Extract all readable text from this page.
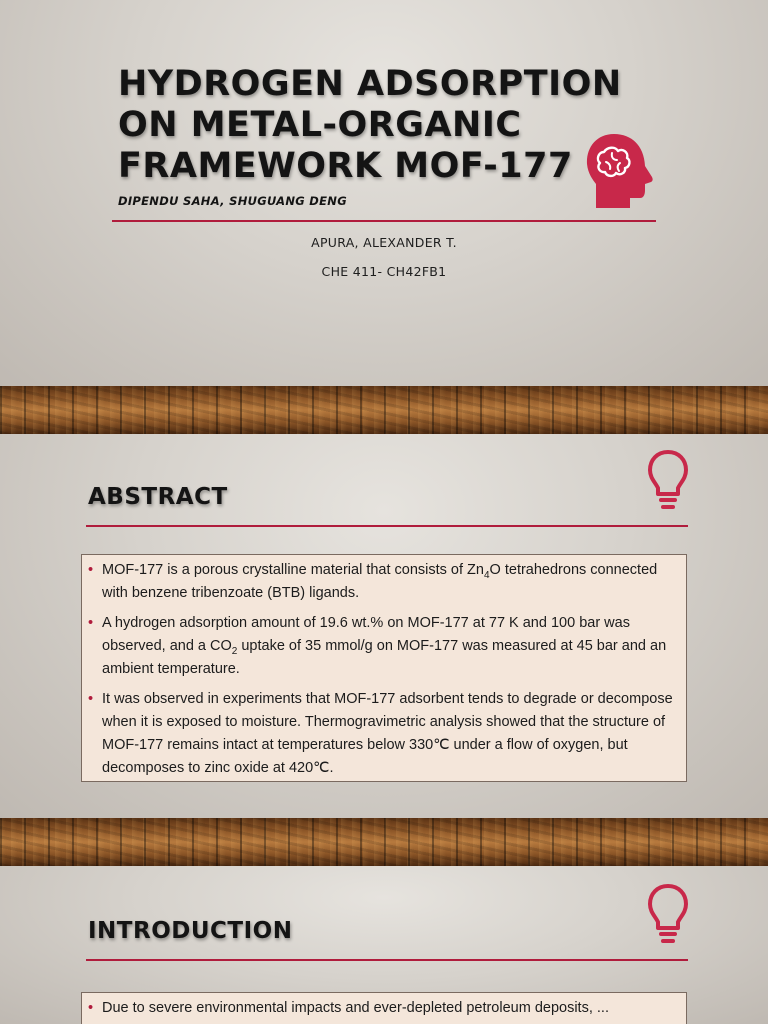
HYDROGEN ADSORPTION ON METAL-ORGANIC FRAMEWORK MOF-177
DIPENDU SAHA, SHUGUANG DENG
APURA, ALEXANDER T.
CHE 411- CH42FB1
ABSTRACT
• MOF-177 is a porous crystalline material that consists of $Zn_4O$ tetrahedrons connected with benzene tribenzoate (BTB) ligands.
• A hydrogen adsorption amount of 19.6 wt.% on MOF-177 at 77 K and 100 bar was observed, and a $CO_2$ uptake of 35 mmol/g on MOF-177 was measured at 45 bar and an ambient temperature.
• It was observed in experiments that MOF-177 adsorbent tends to degrade or decompose when it is exposed to moisture. Thermogravimetric analysis showed that the structure of MOF-177 remains intact at temperatures below 330℃ under a flow of oxygen, but decomposes to zinc oxide at 420℃.
INTRODUCTION
• Due to severe environmental impacts and ever-depleted petroleum deposits, ...
